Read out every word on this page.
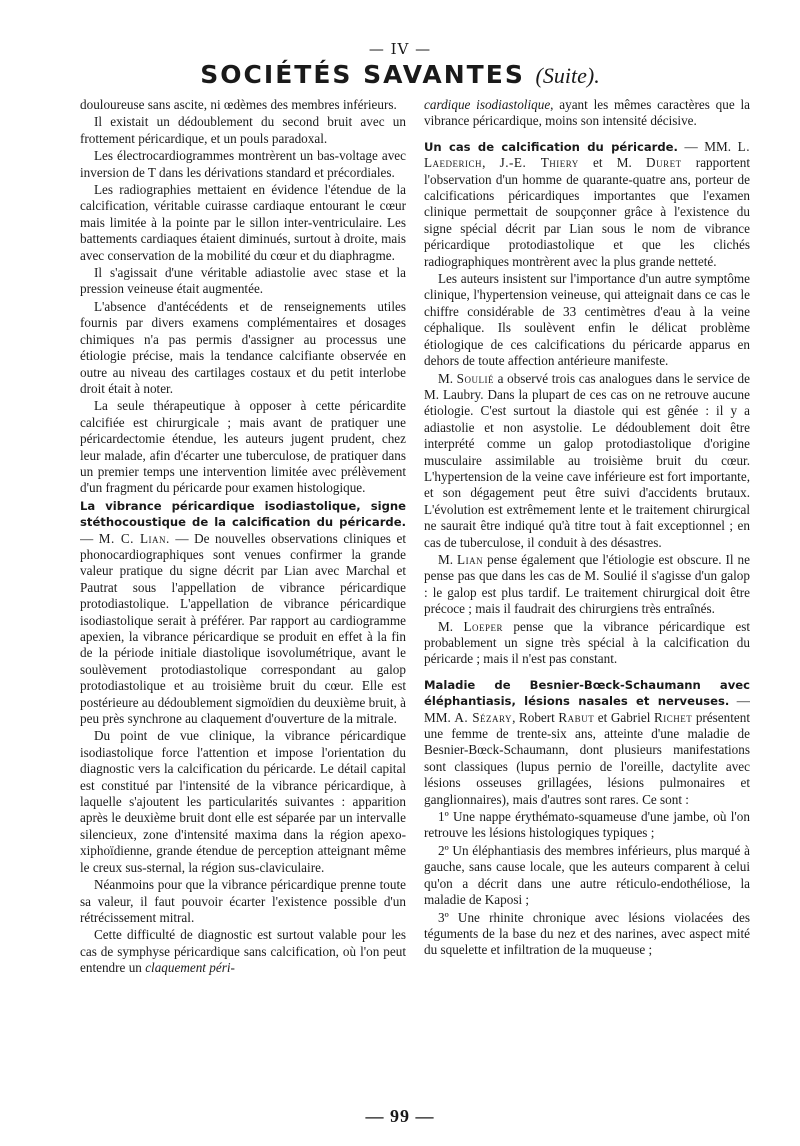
— IV —
SOCIÉTÉS SAVANTES (Suite).

douloureuse sans ascite, ni œdèmes des membres inférieurs.

Il existait un dédoublement du second bruit avec un frottement péricardique, et un pouls paradoxal.

Les électrocardiogrammes montrèrent un bas-voltage avec inversion de T dans les dérivations standard et précordiales.

Les radiographies mettaient en évidence l'étendue de la calcification, véritable cuirasse cardiaque entourant le cœur mais limitée à la pointe par le sillon inter-ventriculaire. Les battements cardiaques étaient diminués, surtout à droite, mais avec conservation de la mobilité du cœur et du diaphragme.

Il s'agissait d'une véritable adiastolie avec stase et la pression veineuse était augmentée.

L'absence d'antécédents et de renseignements utiles fournis par divers examens complémentaires et dosages chimiques n'a pas permis d'assigner au processus une étiologie précise, mais la tendance calcifiante observée en outre au niveau des cartilages costaux et du petit interlobe droit était à noter.

La seule thérapeutique à opposer à cette péricardite calcifiée est chirurgicale ; mais avant de pratiquer une péricardectomie étendue, les auteurs jugent prudent, chez leur malade, afin d'écarter une tuberculose, de pratiquer dans un premier temps une intervention limitée avec prélèvement d'un fragment du péricarde pour examen histologique.

La vibrance péricardique isodiastolique, signe stéthocoustique de la calcification du péricarde. — M. C. Lian. — De nouvelles observations cliniques et phonocardiographiques sont venues confirmer la grande valeur pratique du signe décrit par Lian avec Marchal et Pautrat sous l'appellation de vibrance péricardique protodiastolique. L'appellation de vibrance péricardique isodiastolique serait à préférer. Par rapport au cardiogramme apexien, la vibrance péricardique se produit en effet à la fin de la période initiale diastolique isovolumétrique, avant le soulèvement protodiastolique correspondant au galop protodiastolique et au troisième bruit du cœur. Elle est postérieure au dédoublement sigmoïdien du deuxième bruit, à peu près synchrone au claquement d'ouverture de la mitrale.

Du point de vue clinique, la vibrance péricardique isodiastolique force l'attention et impose l'orientation du diagnostic vers la calcification du péricarde. Le détail capital est constitué par l'intensité de la vibrance péricardique, à laquelle s'ajoutent les particularités suivantes : apparition après le deuxième bruit dont elle est séparée par un intervalle silencieux, zone d'intensité maxima dans la région apexo-xiphoïdienne, grande étendue de perception atteignant même le creux sus-sternal, la région sus-claviculaire.

Néanmoins pour que la vibrance péricardique prenne toute sa valeur, il faut pouvoir écarter l'existence possible d'un rétrécissement mitral.

Cette difficulté de diagnostic est surtout valable pour les cas de symphyse péricardique sans calcification, où l'on peut entendre un claquement péri-

cardique isodiastolique, ayant les mêmes caractères que la vibrance péricardique, moins son intensité décisive.

Un cas de calcification du péricarde. — MM. L. Laederich, J.-E. Thiery et M. Duret rapportent l'observation d'un homme de quarante-quatre ans, porteur de calcifications péricardiques importantes que l'examen clinique permettait de soupçonner grâce à l'existence du signe spécial décrit par Lian sous le nom de vibrance péricardique protodiastolique et que les clichés radiographiques montrèrent avec la plus grande netteté.

Les auteurs insistent sur l'importance d'un autre symptôme clinique, l'hypertension veineuse, qui atteignait dans ce cas le chiffre considérable de 33 centimètres d'eau à la veine céphalique. Ils soulèvent enfin le délicat problème étiologique de ces calcifications du péricarde apparus en dehors de toute affection antérieure manifeste.

M. Soulié a observé trois cas analogues dans le service de M. Laubry. Dans la plupart de ces cas on ne retrouve aucune étiologie. C'est surtout la diastole qui est gênée : il y a adiastolie et non asystolie. Le dédoublement doit être interprété comme un galop protodiastolique d'origine musculaire assimilable au troisième bruit du cœur. L'hypertension de la veine cave inférieure est fort importante, et son dégagement peut être suivi d'accidents brutaux. L'évolution est extrêmement lente et le traitement chirurgical ne saurait être indiqué qu'à titre tout à fait exceptionnel ; en cas de tuberculose, il conduit à des désastres.

M. Lian pense également que l'étiologie est obscure. Il ne pense pas que dans les cas de M. Soulié il s'agisse d'un galop : le galop est plus tardif. Le traitement chirurgical doit être précoce ; mais il faudrait des chirurgiens très entraînés.

M. Loeper pense que la vibrance péricardique est probablement un signe très spécial à la calcification du péricarde ; mais il n'est pas constant.

Maladie de Besnier-Bœck-Schaumann avec éléphantiasis, lésions nasales et nerveuses. — MM. A. Sézary, Robert Rabut et Gabriel Richet présentent une femme de trente-six ans, atteinte d'une maladie de Besnier-Bœck-Schaumann, dont plusieurs manifestations sont classiques (lupus pernio de l'oreille, dactylite avec lésions osseuses grillagées, lésions pulmonaires et ganglionnaires), mais d'autres sont rares. Ce sont :

1º Une nappe érythémato-squameuse d'une jambe, où l'on retrouve les lésions histologiques typiques ;

2º Un éléphantiasis des membres inférieurs, plus marqué à gauche, sans cause locale, que les auteurs comparent à celui qu'on a décrit dans une autre réticulo-endothéliose, la maladie de Kaposi ;

3º Une rhinite chronique avec lésions violacées des téguments de la base du nez et des narines, avec aspect mité du squelette et infiltration de la muqueuse ;

— 99 —
